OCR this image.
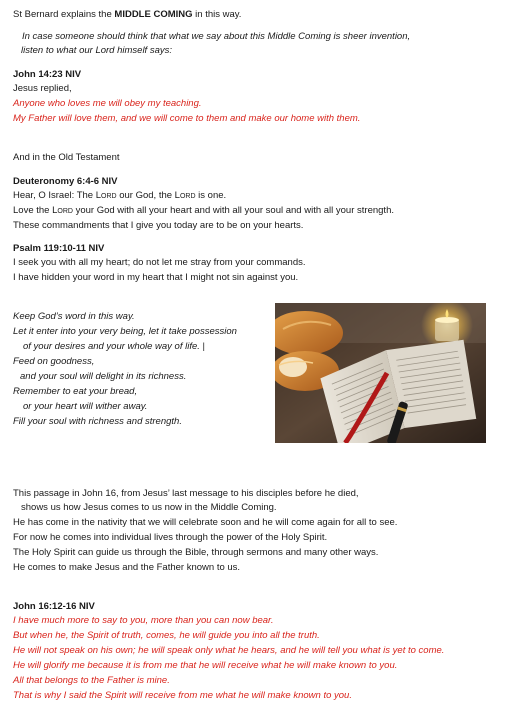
St Bernard explains the MIDDLE COMING in this way.
In case someone should think that what we say about this Middle Coming is sheer invention,
listen to what our Lord himself says:
John 14:23 NIV
Jesus replied,
Anyone who loves me will obey my teaching.
My Father will love them, and we will come to them and make our home with them.
And in the Old Testament
Deuteronomy 6:4-6 NIV
Hear, O Israel: The Lord our God, the Lord is one.
Love the Lord your God with all your heart and with all your soul and with all your strength.
These commandments that I give you today are to be on your hearts.
Psalm 119:10-11 NIV
I seek you with all my heart; do not let me stray from your commands.
I have hidden your word in my heart that I might not sin against you.
Keep God’s word in this way.
Let it enter into your very being, let it take possession
of your desires and your whole way of life. |
Feed on goodness,
and your soul will delight in its richness.
Remember to eat your bread,
or your heart will wither away.
Fill your soul with richness and strength.
This passage in John 16, from Jesus’ last message to his disciples before he died,
shows us how Jesus comes to us now in the Middle Coming.
He has come in the nativity that we will celebrate soon and he will come again for all to see.
For now he comes into individual lives through the power of the Holy Spirit.
The Holy Spirit can guide us through the Bible, through sermons and many other ways.
He comes to make Jesus and the Father known to us.
John 16:12-16 NIV
I have much more to say to you, more than you can now bear.
But when he, the Spirit of truth, comes, he will guide you into all the truth.
He will not speak on his own; he will speak only what he hears, and he will tell you what is yet to come.
He will glorify me because it is from me that he will receive what he will make known to you.
All that belongs to the Father is mine.
That is why I said the Spirit will receive from me what he will make known to you.
